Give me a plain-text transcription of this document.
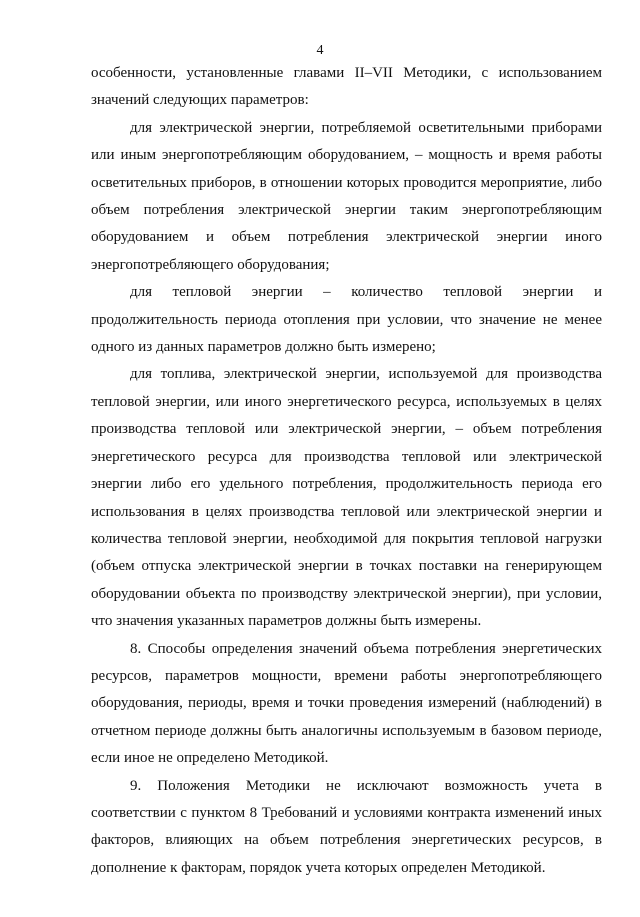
4

особенности, установленные главами II–VII Методики, с использованием значений следующих параметров:

для электрической энергии, потребляемой осветительными приборами или иным энергопотребляющим оборудованием, – мощность и время работы осветительных приборов, в отношении которых проводится мероприятие, либо объем потребления электрической энергии таким энергопотребляющим оборудованием и объем потребления электрической энергии иного энергопотребляющего оборудования;

для тепловой энергии – количество тепловой энергии и продолжительность периода отопления при условии, что значение не менее одного из данных параметров должно быть измерено;

для топлива, электрической энергии, используемой для производства тепловой энергии, или иного энергетического ресурса, используемых в целях производства тепловой или электрической энергии, – объем потребления энергетического ресурса для производства тепловой или электрической энергии либо его удельного потребления, продолжительность периода его использования в целях производства тепловой или электрической энергии и количества тепловой энергии, необходимой для покрытия тепловой нагрузки (объем отпуска электрической энергии в точках поставки на генерирующем оборудовании объекта по производству электрической энергии), при условии, что значения указанных параметров должны быть измерены.

8. Способы определения значений объема потребления энергетических ресурсов, параметров мощности, времени работы энергопотребляющего оборудования, периоды, время и точки проведения измерений (наблюдений) в отчетном периоде должны быть аналогичны используемым в базовом периоде, если иное не определено Методикой.

9. Положения Методики не исключают возможность учета в соответствии с пунктом 8 Требований и условиями контракта изменений иных факторов, влияющих на объем потребления энергетических ресурсов, в дополнение к факторам, порядок учета которых определен Методикой.
